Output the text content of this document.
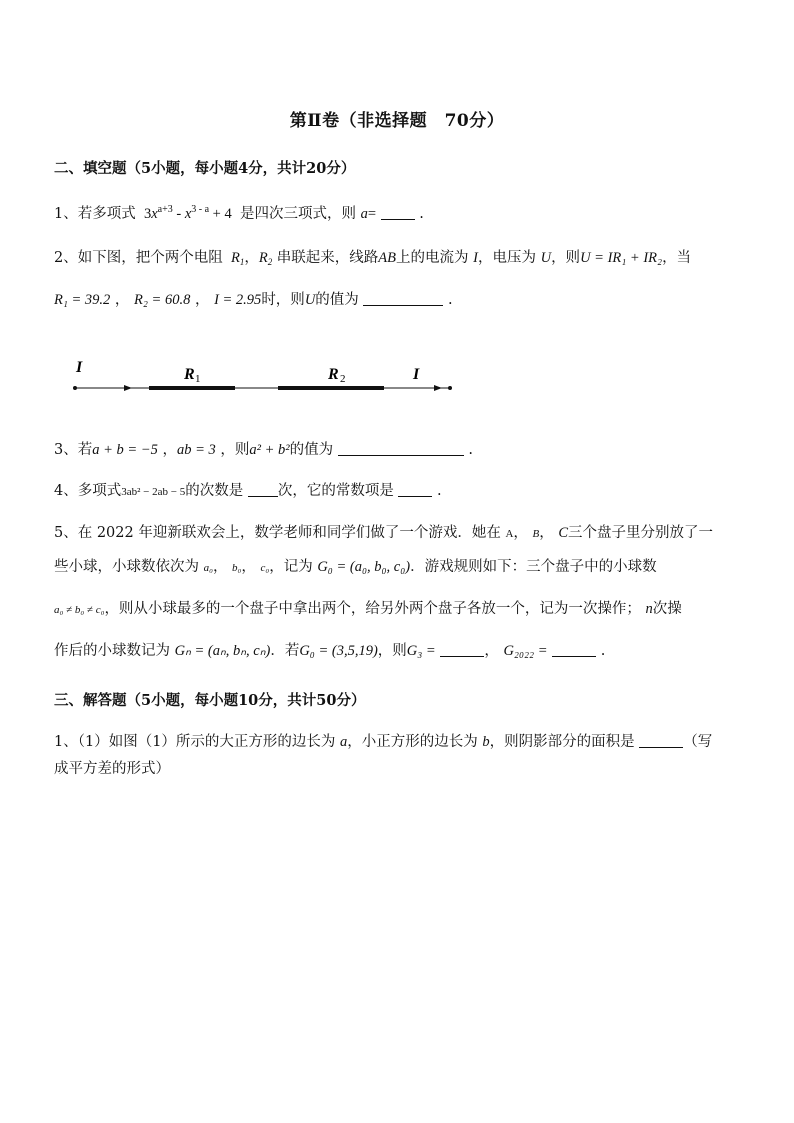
第Ⅱ卷（非选择题　70分）
二、填空题（5小题，每小题4分，共计20分）
1、若多项式  $3x^{a+3} - x^{3 - a} + 4$  是四次三项式，则 a=	.
2、如下图，把个两个电阻 $R_1$，$R_2$ 串联起来，线路AB上的电流为 I，电压为 U，则U = IR₁ + IR₂，当
R₁ = 39.2 ， R₂ = 60.8 ， I = 2.95时，则U的值为	.
I	R 1	R 2	I
3、若a + b = −5 ，ab = 3 ，则a² + b²的值为	.
4、多项式3ab² − 2ab − 5的次数是 次，它的常数项是	.
5、在 2022 年迎新联欢会上，数学老师和同学们做了一个游戏．她在 A， B， C三个盘子里分别放了一
些小球，小球数依次为 a₀， b₀， c₀，记为 G₀ = (a₀, b₀, c₀)．游戏规则如下：三个盘子中的小球数
a₀ ≠ b₀ ≠ c₀，则从小球最多的一个盘子中拿出两个，给另外两个盘子各放一个，记为一次操作； n次操
作后的小球数记为 Gₙ = (aₙ, bₙ, cₙ)．若G₀ = (3,5,19)，则G₃ =	， G₂₀₂₂ =	.
三、解答题（5小题，每小题10分，共计50分）
1、（1）如图（1）所示的大正方形的边长为 a，小正方形的边长为 b，则阴影部分的面积是	（写
成平方差的形式）
